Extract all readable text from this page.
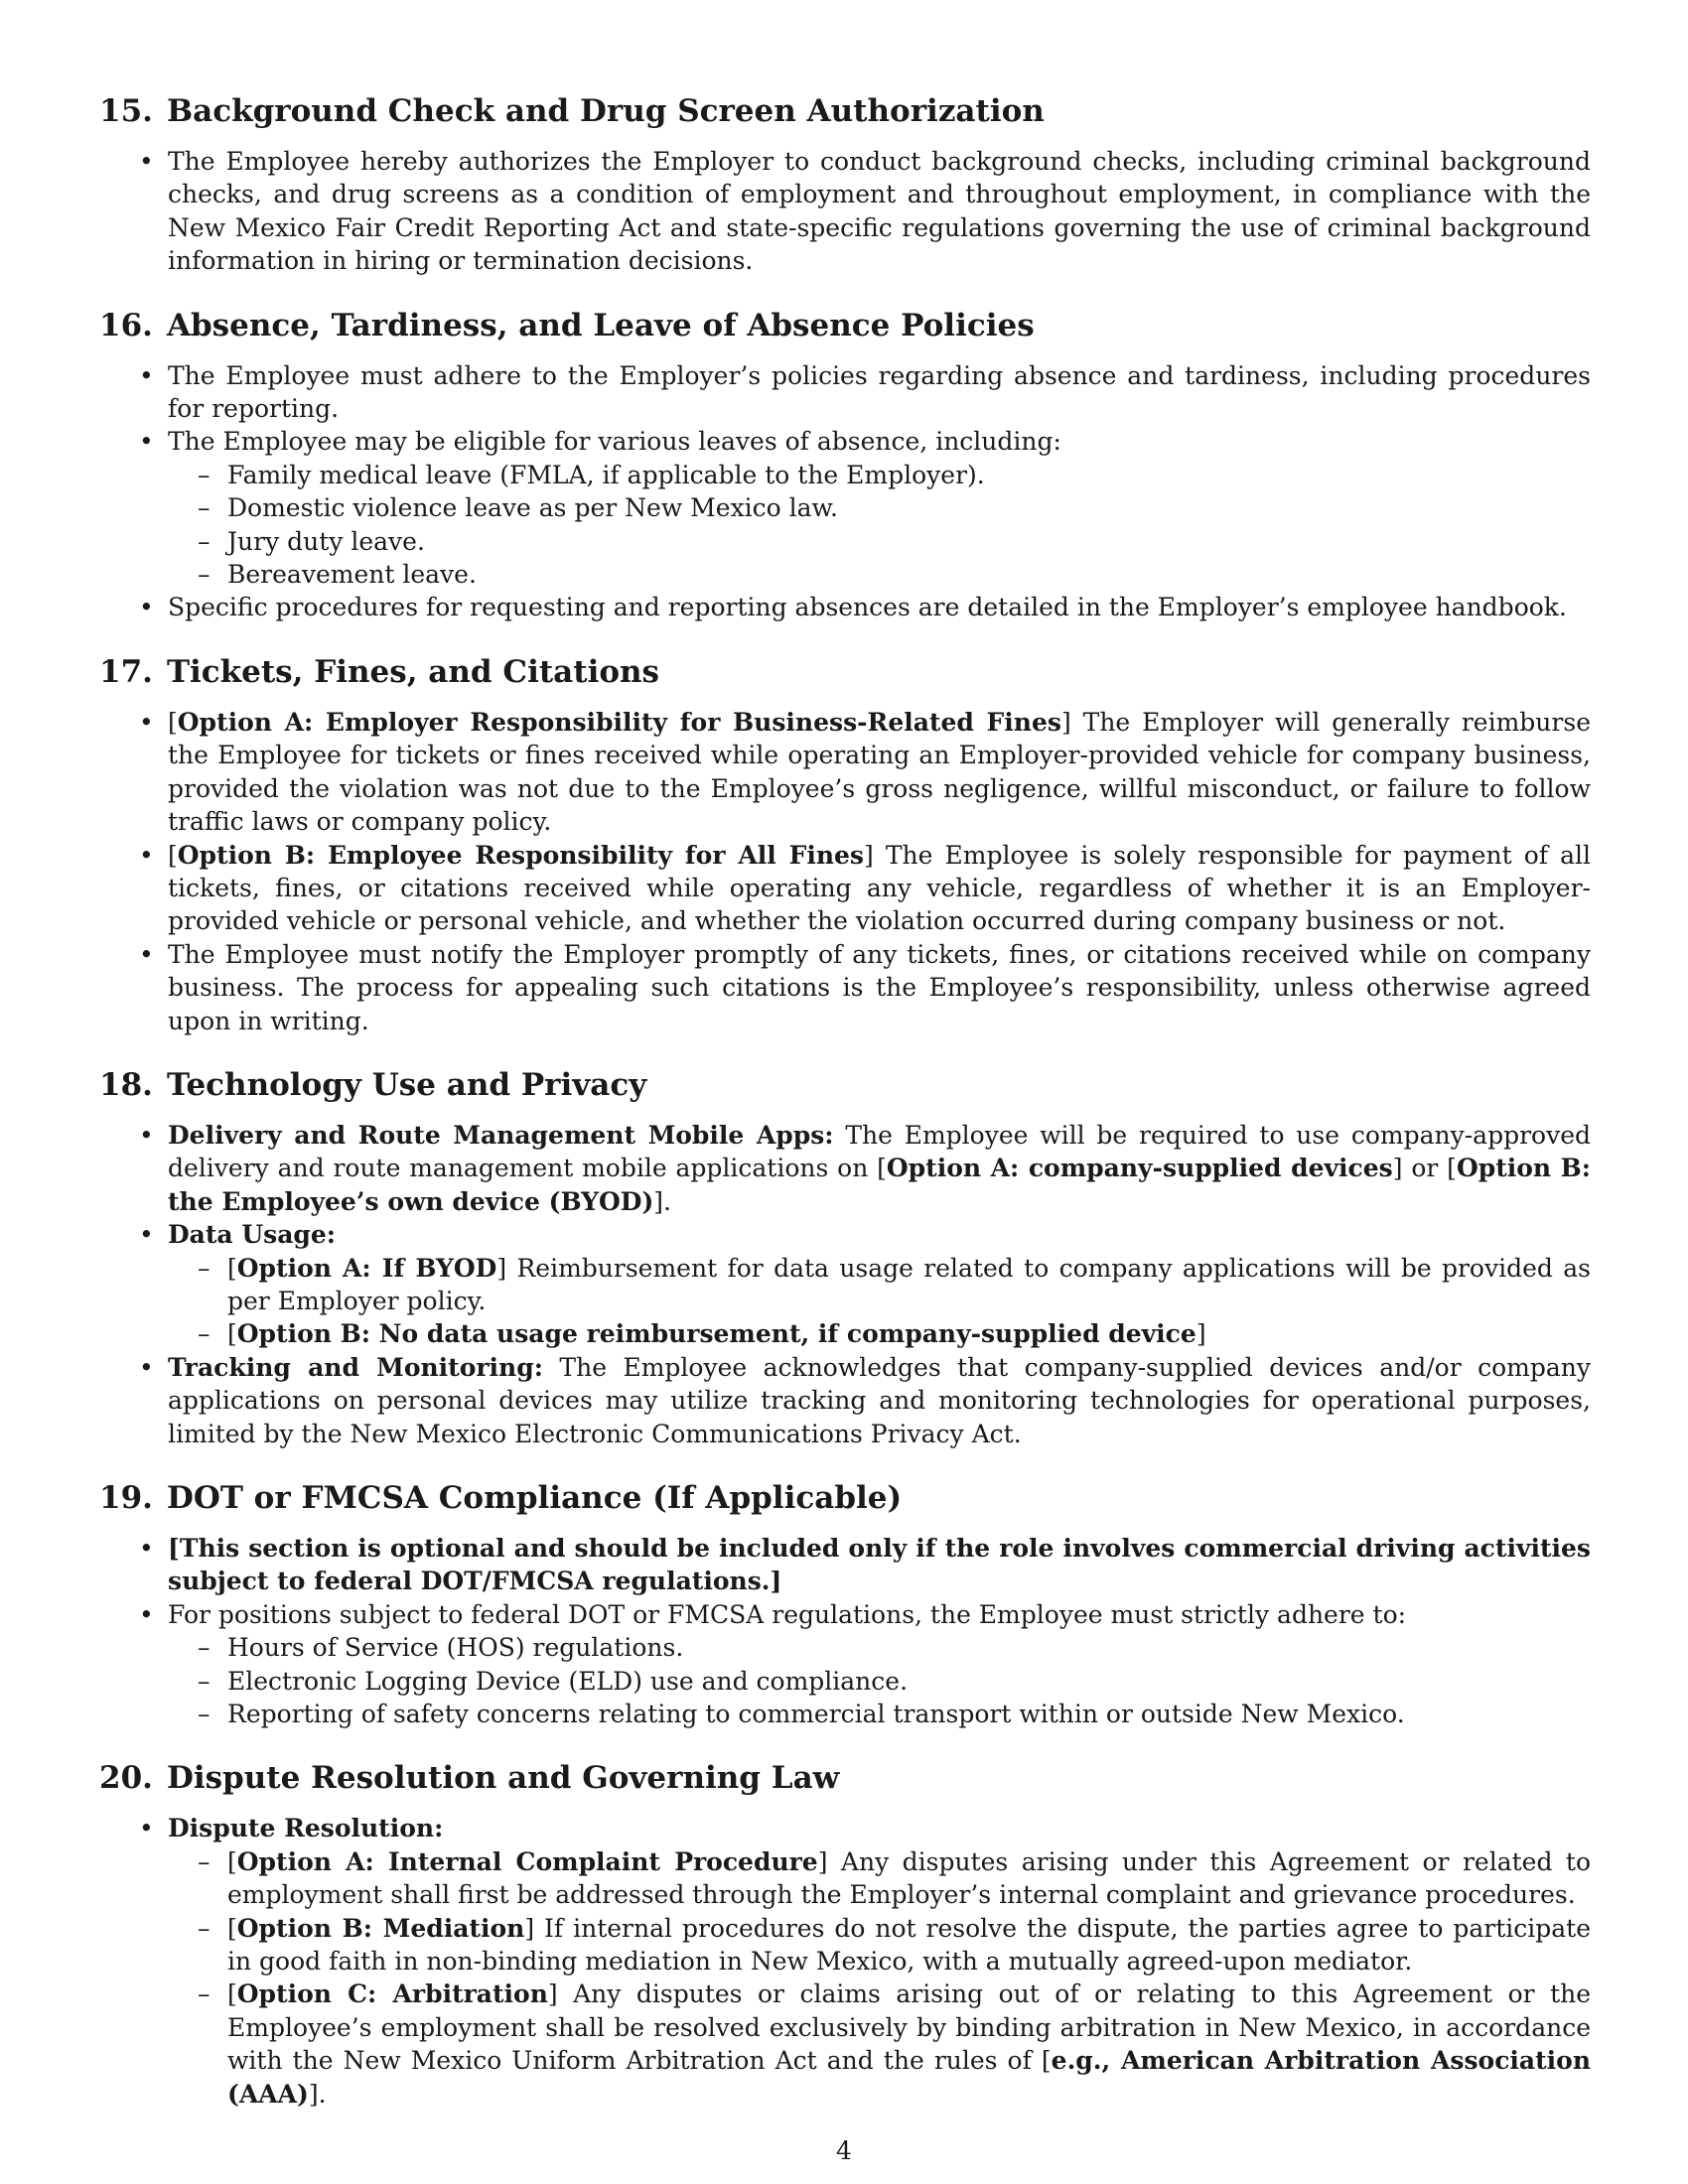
15. Background Check and Drug Screen Authorization
• The Employee hereby authorizes the Employer to conduct background checks, including criminal background checks, and drug screens as a condition of employment and throughout employment, in compliance with the New Mexico Fair Credit Reporting Act and state-specific regulations governing the use of criminal background information in hiring or termination decisions.
16. Absence, Tardiness, and Leave of Absence Policies
• The Employee must adhere to the Employer’s policies regarding absence and tardiness, including procedures for reporting.
• The Employee may be eligible for various leaves of absence, including:
– Family medical leave (FMLA, if applicable to the Employer).
– Domestic violence leave as per New Mexico law.
– Jury duty leave.
– Bereavement leave.
• Specific procedures for requesting and reporting absences are detailed in the Employer’s employee handbook.
17. Tickets, Fines, and Citations
• [Option A: Employer Responsibility for Business-Related Fines] The Employer will generally reimburse the Employee for tickets or fines received while operating an Employer-provided vehicle for company business, provided the violation was not due to the Employee’s gross negligence, willful misconduct, or failure to follow traffic laws or company policy.
• [Option B: Employee Responsibility for All Fines] The Employee is solely responsible for payment of all tickets, fines, or citations received while operating any vehicle, regardless of whether it is an Employer-provided vehicle or personal vehicle, and whether the violation occurred during company business or not.
• The Employee must notify the Employer promptly of any tickets, fines, or citations received while on company business. The process for appealing such citations is the Employee’s responsibility, unless otherwise agreed upon in writing.
18. Technology Use and Privacy
• Delivery and Route Management Mobile Apps: The Employee will be required to use company-approved delivery and route management mobile applications on [Option A: company-supplied devices] or [Option B: the Employee’s own device (BYOD)].
• Data Usage:
– [Option A: If BYOD] Reimbursement for data usage related to company applications will be provided as per Employer policy.
– [Option B: No data usage reimbursement, if company-supplied device]
• Tracking and Monitoring: The Employee acknowledges that company-supplied devices and/or company applications on personal devices may utilize tracking and monitoring technologies for operational purposes, limited by the New Mexico Electronic Communications Privacy Act.
19. DOT or FMCSA Compliance (If Applicable)
• [This section is optional and should be included only if the role involves commercial driving activities subject to federal DOT/FMCSA regulations.]
• For positions subject to federal DOT or FMCSA regulations, the Employee must strictly adhere to:
– Hours of Service (HOS) regulations.
– Electronic Logging Device (ELD) use and compliance.
– Reporting of safety concerns relating to commercial transport within or outside New Mexico.
20. Dispute Resolution and Governing Law
• Dispute Resolution:
– [Option A: Internal Complaint Procedure] Any disputes arising under this Agreement or related to employment shall first be addressed through the Employer’s internal complaint and grievance procedures.
– [Option B: Mediation] If internal procedures do not resolve the dispute, the parties agree to participate in good faith in non-binding mediation in New Mexico, with a mutually agreed-upon mediator.
– [Option C: Arbitration] Any disputes or claims arising out of or relating to this Agreement or the Employee’s employment shall be resolved exclusively by binding arbitration in New Mexico, in accordance with the New Mexico Uniform Arbitration Act and the rules of [e.g., American Arbitration Association (AAA)].
4
